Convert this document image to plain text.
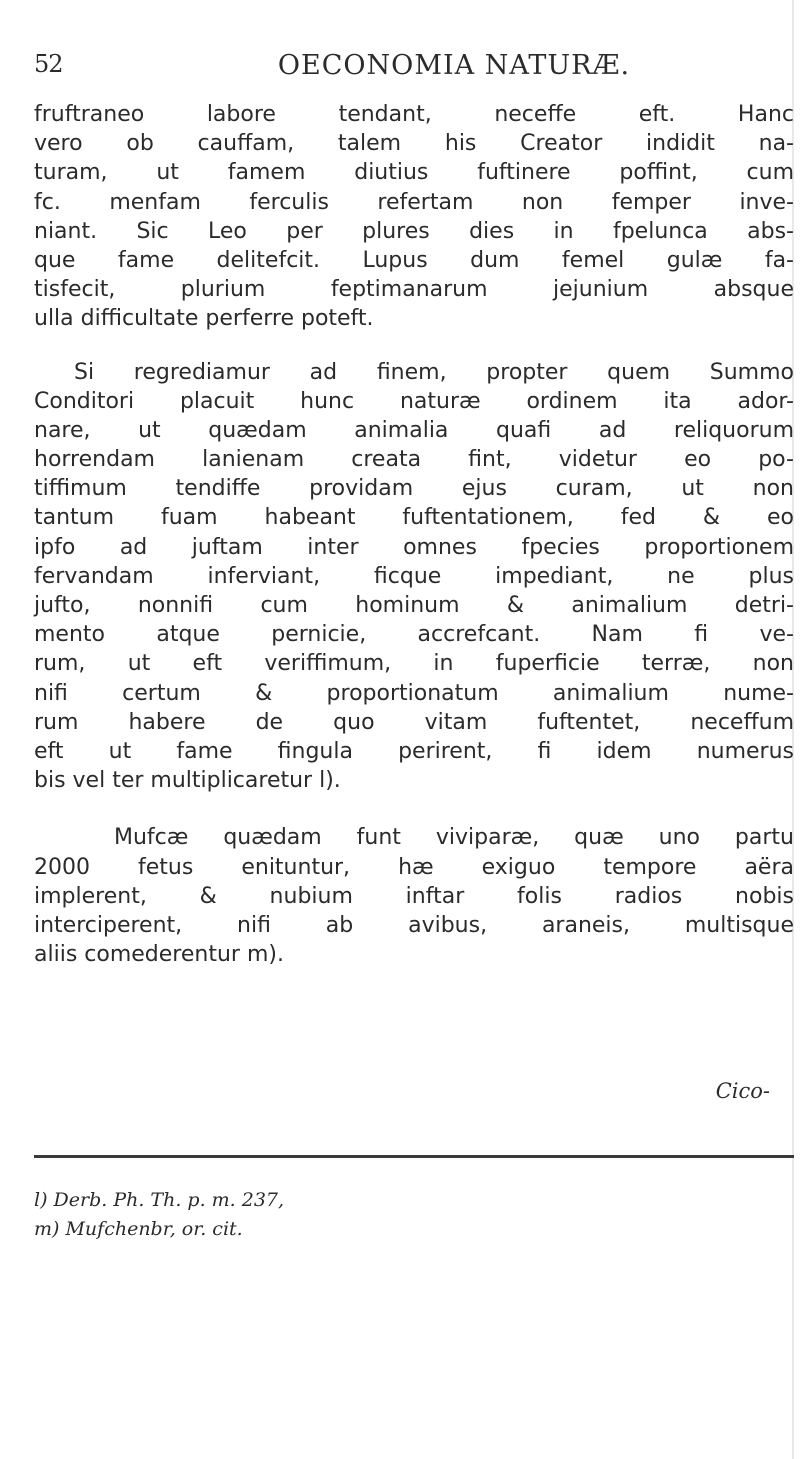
52	OECONOMIA NATURÆ.
fruftraneo labore tendant, neceffe eft. Hanc
vero ob cauffam, talem his Creator indidit na-
turam, ut famem diutius fuftinere poffint, cum
fc. menfam ferculis refertam non femper inve-
niant. Sic Leo per plures dies in fpelunca abs-
que fame delitefcit. Lupus dum femel gulæ fa-
tisfecit, plurium feptimanarum jejunium absque
ulla difficultate perferre poteft.
Si regrediamur ad finem, propter quem Summo
Conditori placuit hunc naturæ ordinem ita ador-
nare, ut quædam animalia quafi ad reliquorum
horrendam lanienam creata fint, videtur eo po-
tiffimum tendiffe providam ejus curam, ut non
tantum fuam habeant fuftentationem, fed & eo
ipfo ad juftam inter omnes fpecies proportionem
fervandam inferviant, ficque impediant, ne plus
jufto, nonnifi cum hominum & animalium detri-
mento atque pernicie, accrefcant. Nam fi ve-
rum, ut eft veriffimum, in fuperficie terræ, non
nifi certum & proportionatum animalium nume-
rum habere de quo vitam fuftentet, neceffum
eft ut fame fingula perirent, fi idem numerus
bis vel ter multiplicaretur l).
Mufcæ quædam funt viviparæ, quæ uno partu
2000 fetus enituntur, hæ exiguo tempore aëra
implerent, & nubium inftar folis radios nobis
interciperent, nifi ab avibus, araneis, multisque
aliis comederentur m).
Cico-
l) Derb. Ph. Th. p. m. 237,
m) Mufchenbr, or. cit.
